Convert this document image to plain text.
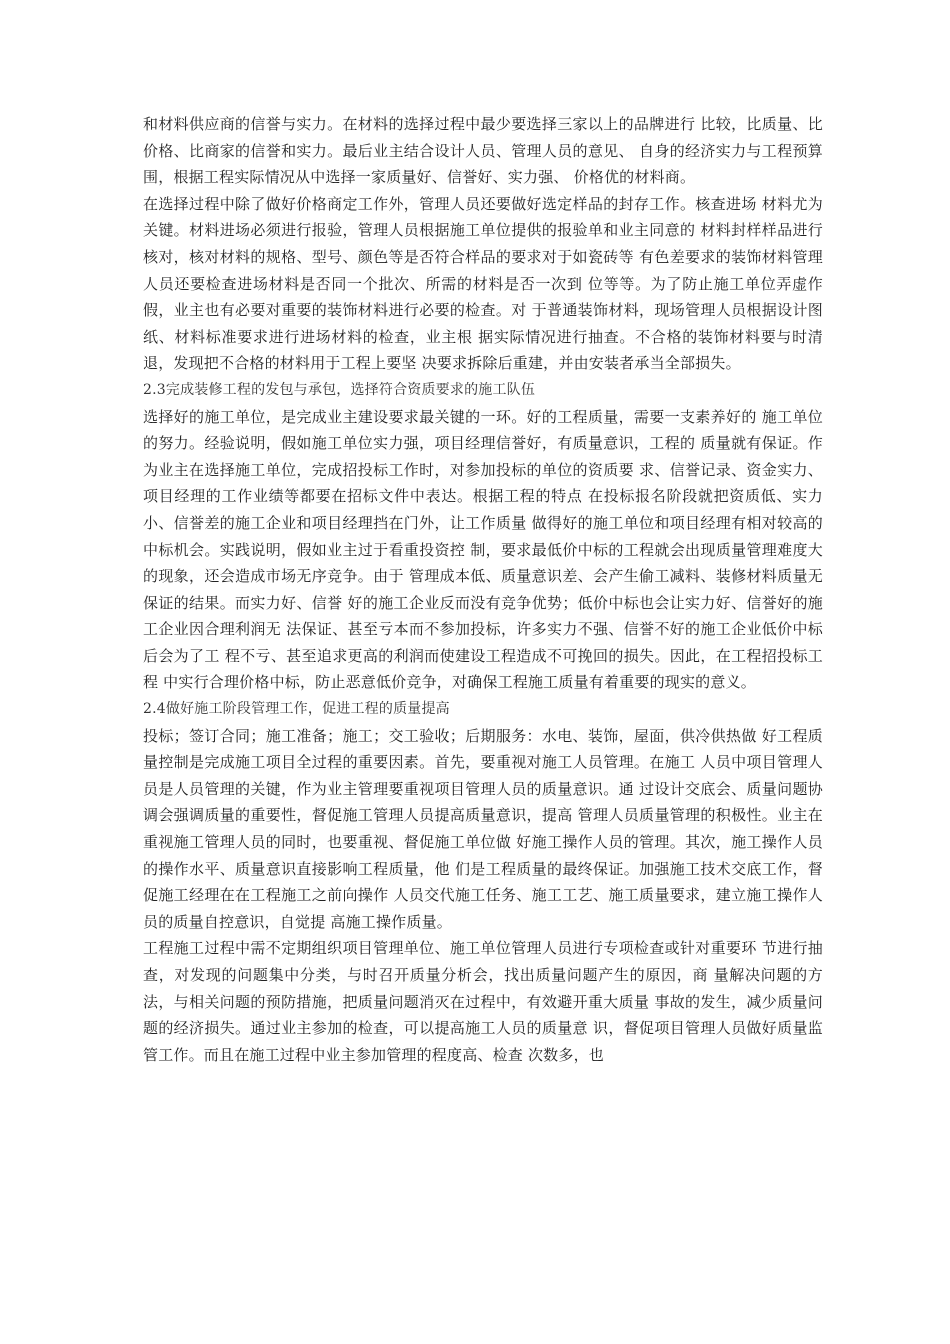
和材料供应商的信誉与实力。在材料的选择过程中最少要选择三家以上的品牌进行 比较，比质量、比价格、比商家的信誉和实力。最后业主结合设计人员、管理人员的意见、 自身的经济实力与工程预算围，根据工程实际情况从中选择一家质量好、信誉好、实力强、 价格优的材料商。

在选择过程中除了做好价格商定工作外，管理人员还要做好选定样品的封存工作。核查进场 材料尤为关键。材料进场必须进行报验，管理人员根据施工单位提供的报验单和业主同意的 材料封样样品进行核对，核对材料的规格、型号、颜色等是否符合样品的要求对于如瓷砖等 有色差要求的装饰材料管理人员还要检查进场材料是否同一个批次、所需的材料是否一次到 位等等。为了防止施工单位弄虚作假，业主也有必要对重要的装饰材料进行必要的检查。对 于普通装饰材料，现场管理人员根据设计图纸、材料标准要求进行进场材料的检查，业主根 据实际情况进行抽查。不合格的装饰材料要与时清退，发现把不合格的材料用于工程上要坚 决要求拆除后重建，并由安装者承当全部损失。

2.3完成装修工程的发包与承包，选择符合资质要求的施工队伍

选择好的施工单位，是完成业主建设要求最关键的一环。好的工程质量，需要一支素养好的 施工单位的努力。经验说明，假如施工单位实力强，项目经理信誉好，有质量意识，工程的 质量就有保证。作为业主在选择施工单位，完成招投标工作时，对参加投标的单位的资质要 求、信誉记录、资金实力、项目经理的工作业绩等都要在招标文件中表达。根据工程的特点 在投标报名阶段就把资质低、实力小、信誉差的施工企业和项目经理挡在门外，让工作质量 做得好的施工单位和项目经理有相对较高的中标机会。实践说明，假如业主过于看重投资控 制，要求最低价中标的工程就会出现质量管理难度大的现象，还会造成市场无序竞争。由于 管理成本低、质量意识差、会产生偷工减料、装修材料质量无保证的结果。而实力好、信誉 好的施工企业反而没有竞争优势；低价中标也会让实力好、信誉好的施工企业因合理利润无 法保证、甚至亏本而不参加投标，许多实力不强、信誉不好的施工企业低价中标后会为了工 程不亏、甚至追求更高的利润而使建设工程造成不可挽回的损失。因此，在工程招投标工程 中实行合理价格中标，防止恶意低价竞争，对确保工程施工质量有着重要的现实的意义。

2.4做好施工阶段管理工作，促进工程的质量提高

投标；签订合同；施工准备；施工；交工验收；后期服务：水电、装饰，屋面，供冷供热做 好工程质量控制是完成施工项目全过程的重要因素。首先，要重视对施工人员管理。在施工 人员中项目管理人员是人员管理的关键，作为业主管理要重视项目管理人员的质量意识。通 过设计交底会、质量问题协调会强调质量的重要性，督促施工管理人员提高质量意识，提高 管理人员质量管理的积极性。业主在重视施工管理人员的同时，也要重视、督促施工单位做 好施工操作人员的管理。其次，施工操作人员的操作水平、质量意识直接影响工程质量，他 们是工程质量的最终保证。加强施工技术交底工作，督促施工经理在在工程施工之前向操作 人员交代施工任务、施工工艺、施工质量要求，建立施工操作人员的质量自控意识，自觉提 高施工操作质量。

工程施工过程中需不定期组织项目管理单位、施工单位管理人员进行专项检查或针对重要环 节进行抽查，对发现的问题集中分类，与时召开质量分析会，找出质量问题产生的原因，商 量解决问题的方法，与相关问题的预防措施，把质量问题消灭在过程中，有效避开重大质量 事故的发生，减少质量问题的经济损失。通过业主参加的检查，可以提高施工人员的质量意 识，督促项目管理人员做好质量监管工作。而且在施工过程中业主参加管理的程度高、检查 次数多，也
